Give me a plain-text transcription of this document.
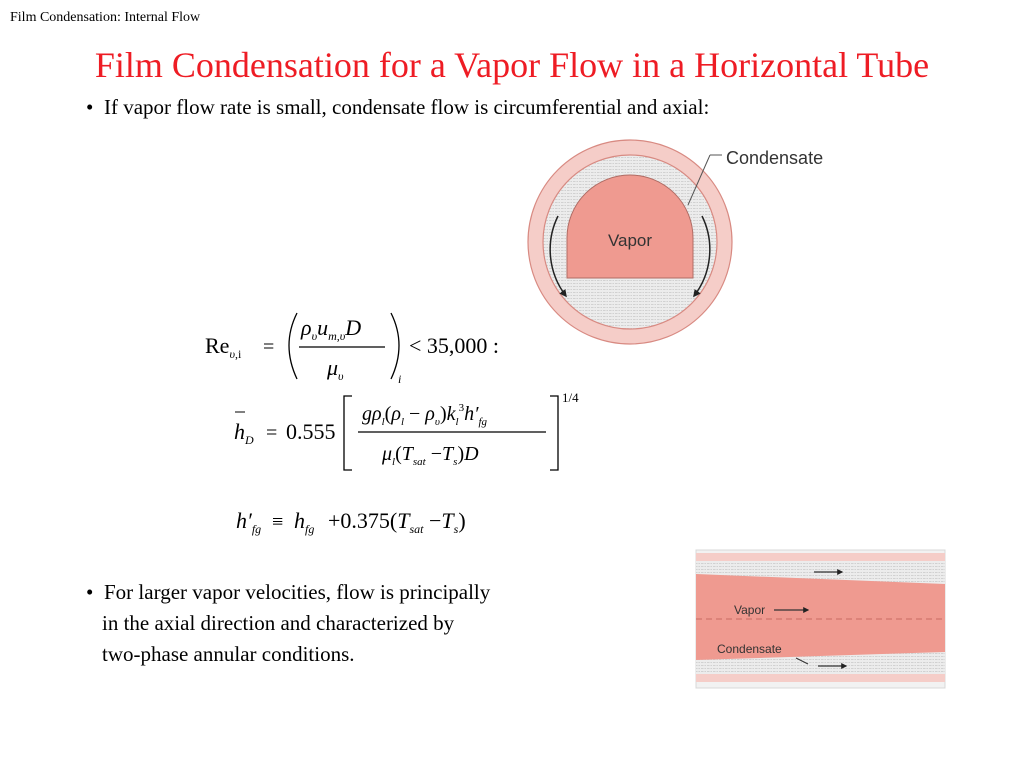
Film Condensation: Internal Flow
Film Condensation for a Vapor Flow in a Horizontal Tube
• If vapor flow rate is small, condensate flow is circumferential and axial:
• For larger vapor velocities, flow is principally
in the axial direction and characterized by
two-phase annular conditions.
Condensate
Vapor
Vapor
Condensate
$Re_\upsilon,i$ =
$\rho_\upsilon u_{m,\upsilon}D$
$\mu_\upsilon$	i
< 35,000 :
$h_D = 0.555$
$g\rho_l(\rho_l - \rho_\upsilon)k_l^3h'_{fg}$
$\mu_l(T_{sat} -T_s)D$
1/4
$h'_{fg} \equiv h_{fg} +0.375(T_{sat} -T_s)$
